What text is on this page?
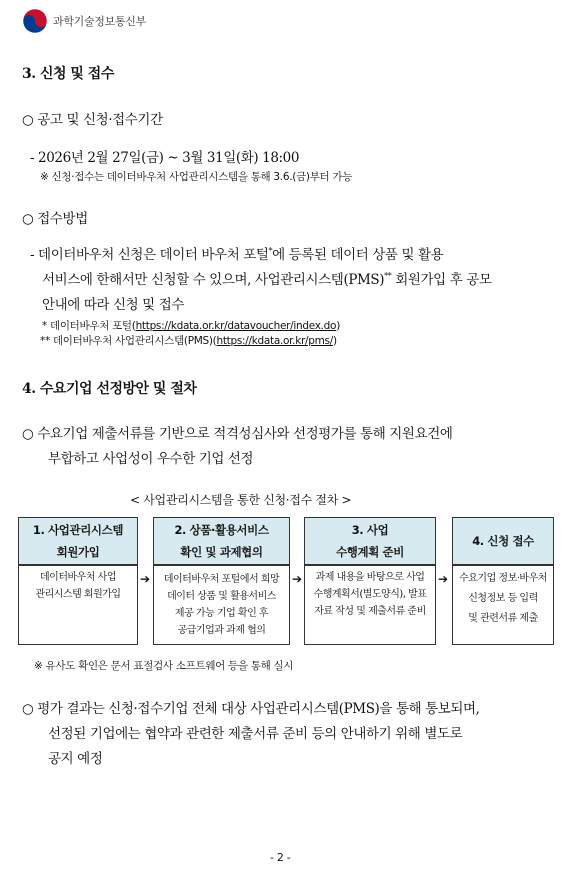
과학기술정보통신부
3. 신청 및 접수
○ 공고 및 신청·접수기간
- 2026년 2월 27일(금) ~ 3월 31일(화) 18:00
※ 신청·접수는 데이터바우처 사업관리시스템을 통해 3.6.(금)부터 가능
○ 접수방법
- 데이터바우처 신청은 데이터 바우처 포털*에 등록된 데이터 상품 및 활용
서비스에 한해서만 신청할 수 있으며, 사업관리시스템(PMS)** 회원가입 후 공모
안내에 따라 신청 및 접수
* 데이터바우처 포털(https://kdata.or.kr/datavoucher/index.do)
** 데이터바우처 사업관리시스템(PMS)(https://kdata.or.kr/pms/)
4. 수요기업 선정방안 및 절차
○ 수요기업 제출서류를 기반으로 적격성심사와 선정평가를 통해 지원요건에
부합하고 사업성이 우수한 기업 선정
< 사업관리시스템을 통한 신청·접수 절차 >
1. 사업관리시스템
회원가입
데이터바우처 사업
관리시스템 회원가입
➔
2. 상품·활용서비스
확인 및 과제협의
데이터바우처 포털에서 희망
데이터 상품 및 활용서비스
제공 가능 기업 확인 후
공급기업과 과제 협의
➔
3. 사업
수행계획 준비
과제 내용을 바탕으로 사업
수행계획서(별도양식), 발표
자료 작성 및 제출서류 준비
➔
4. 신청 접수
수요기업 정보·바우처
신청정보 등 입력
및 관련서류 제출
※ 유사도 확인은 문서 표절검사 소프트웨어 등을 통해 실시
○ 평가 결과는 신청·접수기업 전체 대상 사업관리시스템(PMS)을 통해 통보되며,
선정된 기업에는 협약과 관련한 제출서류 준비 등의 안내하기 위해 별도로
공지 예정
- 2 -
